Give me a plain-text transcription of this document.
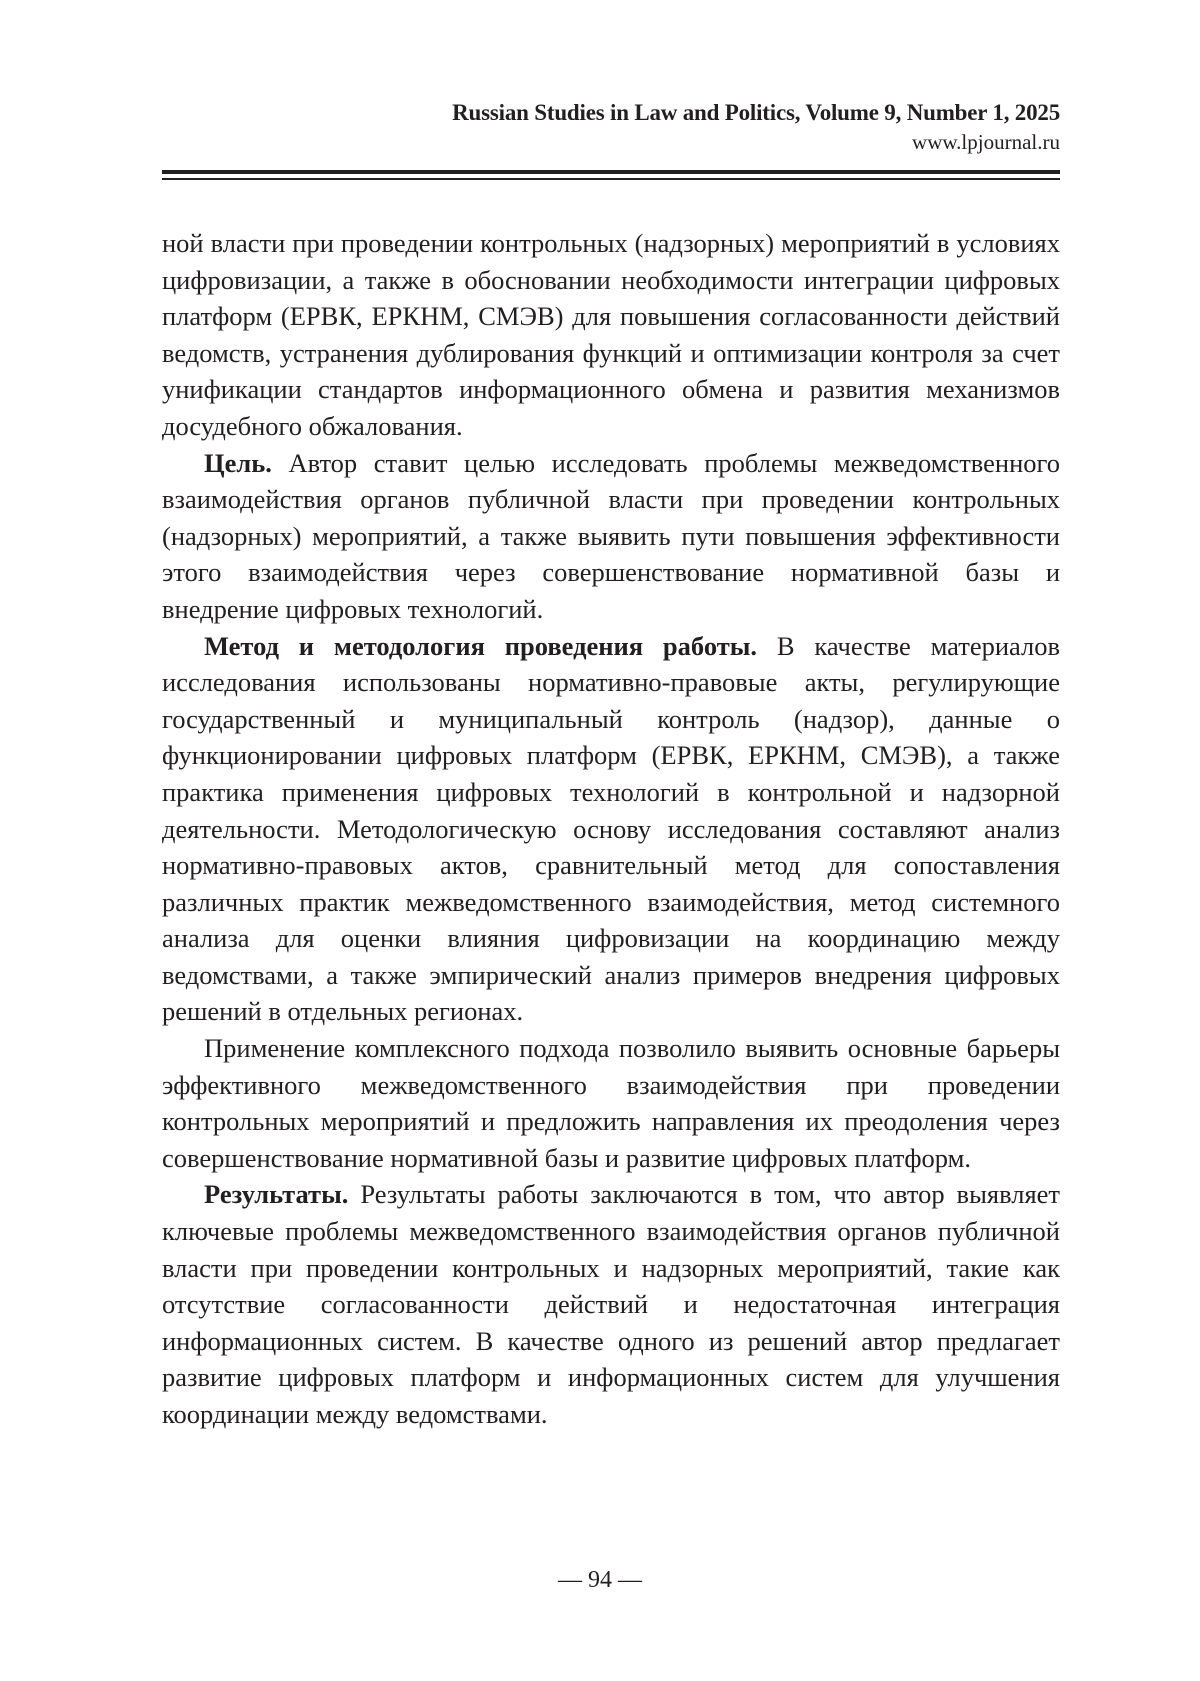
Russian Studies in Law and Politics, Volume 9, Number 1, 2025
www.lpjournal.ru

ной власти при проведении контрольных (надзорных) мероприятий в условиях цифровизации, а также в обосновании необходимости интеграции цифровых платформ (ЕРВК, ЕРКНМ, СМЭВ) для повышения согласованности действий ведомств, устранения дублирования функций и оптимизации контроля за счет унификации стандартов информационного обмена и развития механизмов досудебного обжалования.

Цель. Автор ставит целью исследовать проблемы межведомственного взаимодействия органов публичной власти при проведении контрольных (надзорных) мероприятий, а также выявить пути повышения эффективности этого взаимодействия через совершенствование нормативной базы и внедрение цифровых технологий.

Метод и методология проведения работы. В качестве материалов исследования использованы нормативно-правовые акты, регулирующие государственный и муниципальный контроль (надзор), данные о функционировании цифровых платформ (ЕРВК, ЕРКНМ, СМЭВ), а также практика применения цифровых технологий в контрольной и надзорной деятельности. Методологическую основу исследования составляют анализ нормативно-правовых актов, сравнительный метод для сопоставления различных практик межведомственного взаимодействия, метод системного анализа для оценки влияния цифровизации на координацию между ведомствами, а также эмпирический анализ примеров внедрения цифровых решений в отдельных регионах.

Применение комплексного подхода позволило выявить основные барьеры эффективного межведомственного взаимодействия при проведении контрольных мероприятий и предложить направления их преодоления через совершенствование нормативной базы и развитие цифровых платформ.

Результаты. Результаты работы заключаются в том, что автор выявляет ключевые проблемы межведомственного взаимодействия органов публичной власти при проведении контрольных и надзорных мероприятий, такие как отсутствие согласованности действий и недостаточная интеграция информационных систем. В качестве одного из решений автор предлагает развитие цифровых платформ и информационных систем для улучшения координации между ведомствами.

— 94 —
